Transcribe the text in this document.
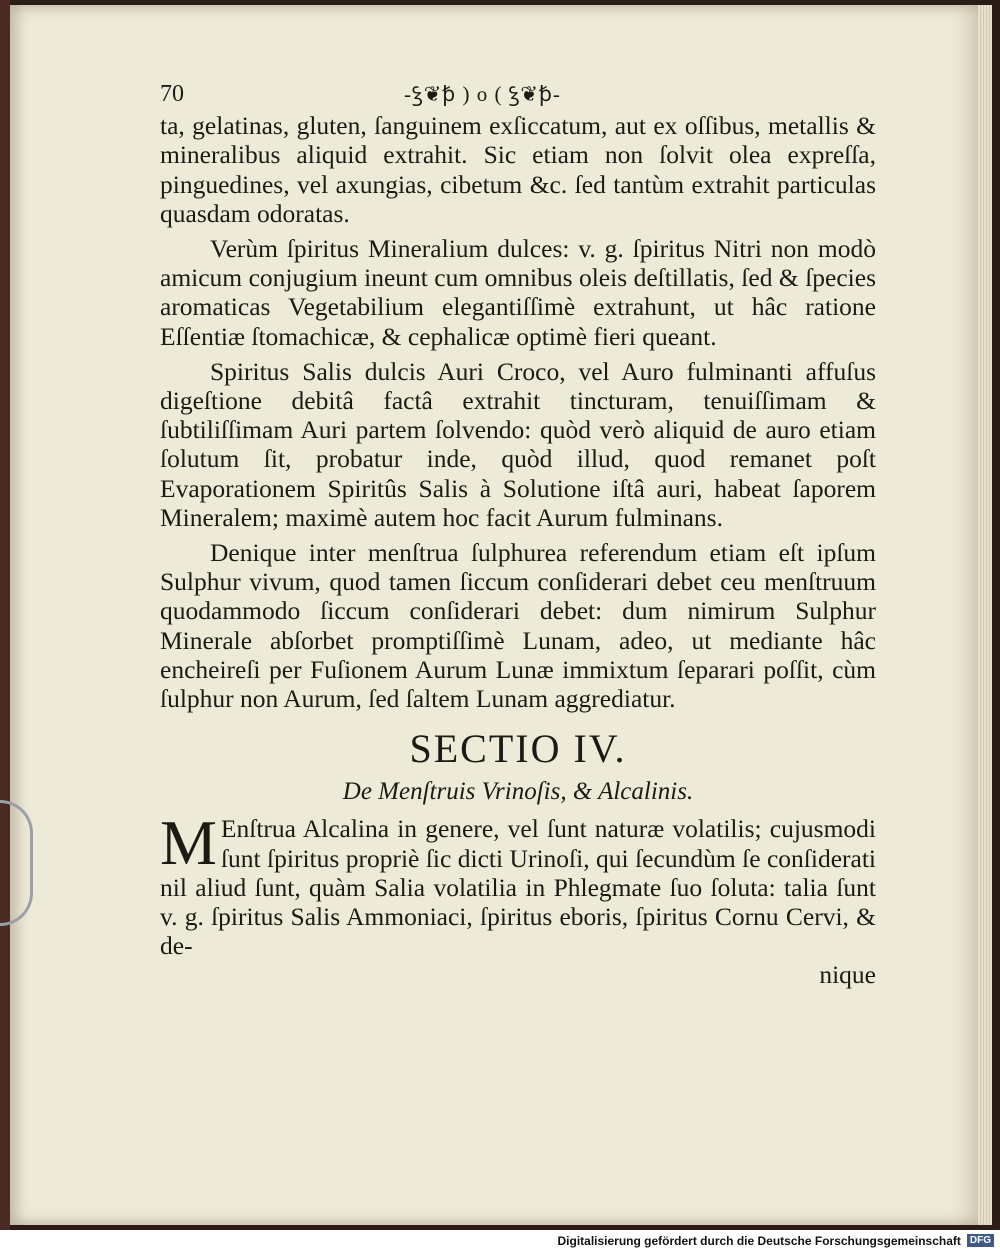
70	-ꝣ❦ꝥ ) o ( ꝣ❦ꝥ-

ta, gelatinas, gluten, ſanguinem exſiccatum, aut ex oſſibus, metallis & mineralibus aliquid extrahit. Sic etiam non ſolvit olea expreſſa, pinguedines, vel axungias, cibetum &c. ſed tantùm extrahit particulas quasdam odoratas.

Verùm ſpiritus Mineralium dulces: v. g. ſpiritus Nitri non modò amicum conjugium ineunt cum omnibus oleis deſtillatis, ſed & ſpecies aromaticas Vegetabilium elegantiſſimè extrahunt, ut hâc ratione Eſſentiæ ſtomachicæ, & cephalicæ optimè fieri queant.

Spiritus Salis dulcis Auri Croco, vel Auro fulminanti affuſus digeſtione debitâ factâ extrahit tincturam, tenuiſſimam & ſubtiliſſimam Auri partem ſolvendo: quòd verò aliquid de auro etiam ſolutum ſit, probatur inde, quòd illud, quod remanet poſt Evaporationem Spiritûs Salis à Solutione iſtâ auri, habeat ſaporem Mineralem; maximè autem hoc facit Aurum fulminans.

Denique inter menſtrua ſulphurea referendum etiam eſt ipſum Sulphur vivum, quod tamen ſiccum conſiderari debet ceu menſtruum quodammodo ſiccum conſiderari debet: dum nimirum Sulphur Minerale abſorbet promptiſſimè Lunam, adeo, ut mediante hâc encheireſi per Fuſionem Aurum Lunæ immixtum ſeparari poſſit, cùm ſulphur non Aurum, ſed ſaltem Lunam aggrediatur.

SECTIO IV.
De Menſtruis Vrinoſis, & Alcalinis.

M Enſtrua Alcalina in genere, vel ſunt naturæ volatilis; cujusmodi ſunt ſpiritus propriè ſic dicti Urinoſi, qui ſecundùm ſe conſiderati nil aliud ſunt, quàm Salia volatilia in Phlegmate ſuo ſoluta: talia ſunt v. g. ſpiritus Salis Ammoniaci, ſpiritus eboris, ſpiritus Cornu Cervi, & de-

nique

Digitalisierung gefördert durch die Deutsche Forschungsgemeinschaft DFG
